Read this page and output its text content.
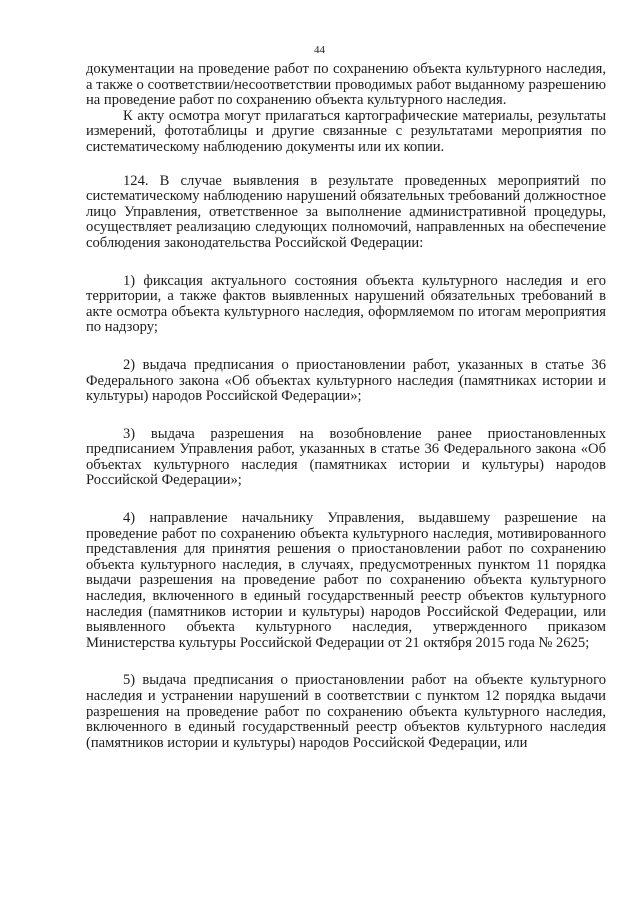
44

документации на проведение работ по сохранению объекта культурного наследия, а также о соответствии/несоответствии проводимых работ выданному разрешению на проведение работ по сохранению объекта культурного наследия.

К акту осмотра могут прилагаться картографические материалы, результаты измерений, фототаблицы и другие связанные с результатами мероприятия по систематическому наблюдению документы или их копии.

124. В случае выявления в результате проведенных мероприятий по систематическому наблюдению нарушений обязательных требований должностное лицо Управления, ответственное за выполнение административной процедуры, осуществляет реализацию следующих полномочий, направленных на обеспечение соблюдения законодательства Российской Федерации:

1) фиксация актуального состояния объекта культурного наследия и его территории, а также фактов выявленных нарушений обязательных требований в акте осмотра объекта культурного наследия, оформляемом по итогам мероприятия по надзору;

2) выдача предписания о приостановлении работ, указанных в статье 36 Федерального закона «Об объектах культурного наследия (памятниках истории и культуры) народов Российской Федерации»;

3) выдача разрешения на возобновление ранее приостановленных предписанием Управления работ, указанных в статье 36 Федерального закона «Об объектах культурного наследия (памятниках истории и культуры) народов Российской Федерации»;

4) направление начальнику Управления, выдавшему разрешение на проведение работ по сохранению объекта культурного наследия, мотивированного представления для принятия решения о приостановлении работ по сохранению объекта культурного наследия, в случаях, предусмотренных пунктом 11 порядка выдачи разрешения на проведение работ по сохранению объекта культурного наследия, включенного в единый государственный реестр объектов культурного наследия (памятников истории и культуры) народов Российской Федерации, или выявленного объекта культурного наследия, утвержденного приказом Министерства культуры Российской Федерации от 21 октября 2015 года № 2625;

5) выдача предписания о приостановлении работ на объекте культурного наследия и устранении нарушений в соответствии с пунктом 12 порядка выдачи разрешения на проведение работ по сохранению объекта культурного наследия, включенного в единый государственный реестр объектов культурного наследия (памятников истории и культуры) народов Российской Федерации, или
